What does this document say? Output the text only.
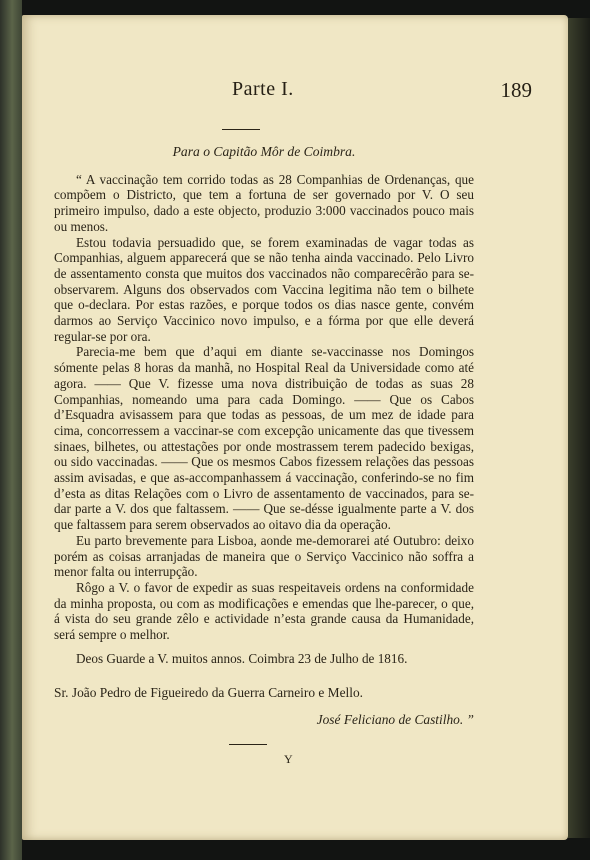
Parte I.	189

Para o Capitão Môr de Coimbra.

“ A vaccinação tem corrido todas as 28 Companhias de Ordenanças, que compõem o Districto, que tem a fortuna de ser governado por V. O seu primeiro impulso, dado a este objecto, produzio 3:000 vaccinados pouco mais ou menos.

Estou todavia persuadido que, se forem examinadas de vagar todas as Companhias, alguem apparecerá que se não tenha ainda vaccinado. Pelo Livro de assentamento consta que muitos dos vaccinados não comparecêrão para se-observarem. Alguns dos observados com Vaccina legitima não tem o bilhete que o-declara. Por estas razões, e porque todos os dias nasce gente, convém darmos ao Serviço Vaccinico novo impulso, e a fórma por que elle deverá regular-se por ora.

Parecia-me bem que d’aqui em diante se-vaccinasse nos Domingos sómente pelas 8 horas da manhã, no Hospital Real da Universidade como até agora. —— Que V. fizesse uma nova distribuição de todas as suas 28 Companhias, nomeando uma para cada Domingo. —— Que os Cabos d’Esquadra avisassem para que todas as pessoas, de um mez de idade para cima, concorressem a vaccinar-se com excepção unicamente das que tivessem sinaes, bilhetes, ou attestações por onde mostrassem terem padecido bexigas, ou sido vaccinadas. —— Que os mesmos Cabos fizessem relações das pessoas assim avisadas, e que as-accompanhassem á vaccinação, conferindo-se no fim d’esta as ditas Relações com o Livro de assentamento de vaccinados, para se-dar parte a V. dos que faltassem. —— Que se-désse igualmente parte a V. dos que faltassem para serem observados ao oitavo dia da operação.

Eu parto brevemente para Lisboa, aonde me-demorarei até Outubro: deixo porém as coisas arranjadas de maneira que o Serviço Vaccinico não soffra a menor falta ou interrupção.

Rôgo a V. o favor de expedir as suas respeitaveis ordens na conformidade da minha proposta, ou com as modificações e emendas que lhe-parecer, o que, á vista do seu grande zêlo e actividade n’esta grande causa da Humanidade, será sempre o melhor.

Deos Guarde a V. muitos annos. Coimbra 23 de Julho de 1816.

Sr. João Pedro de Figueiredo da Guerra Carneiro e Mello.

José Feliciano de Castilho. ”

Y
